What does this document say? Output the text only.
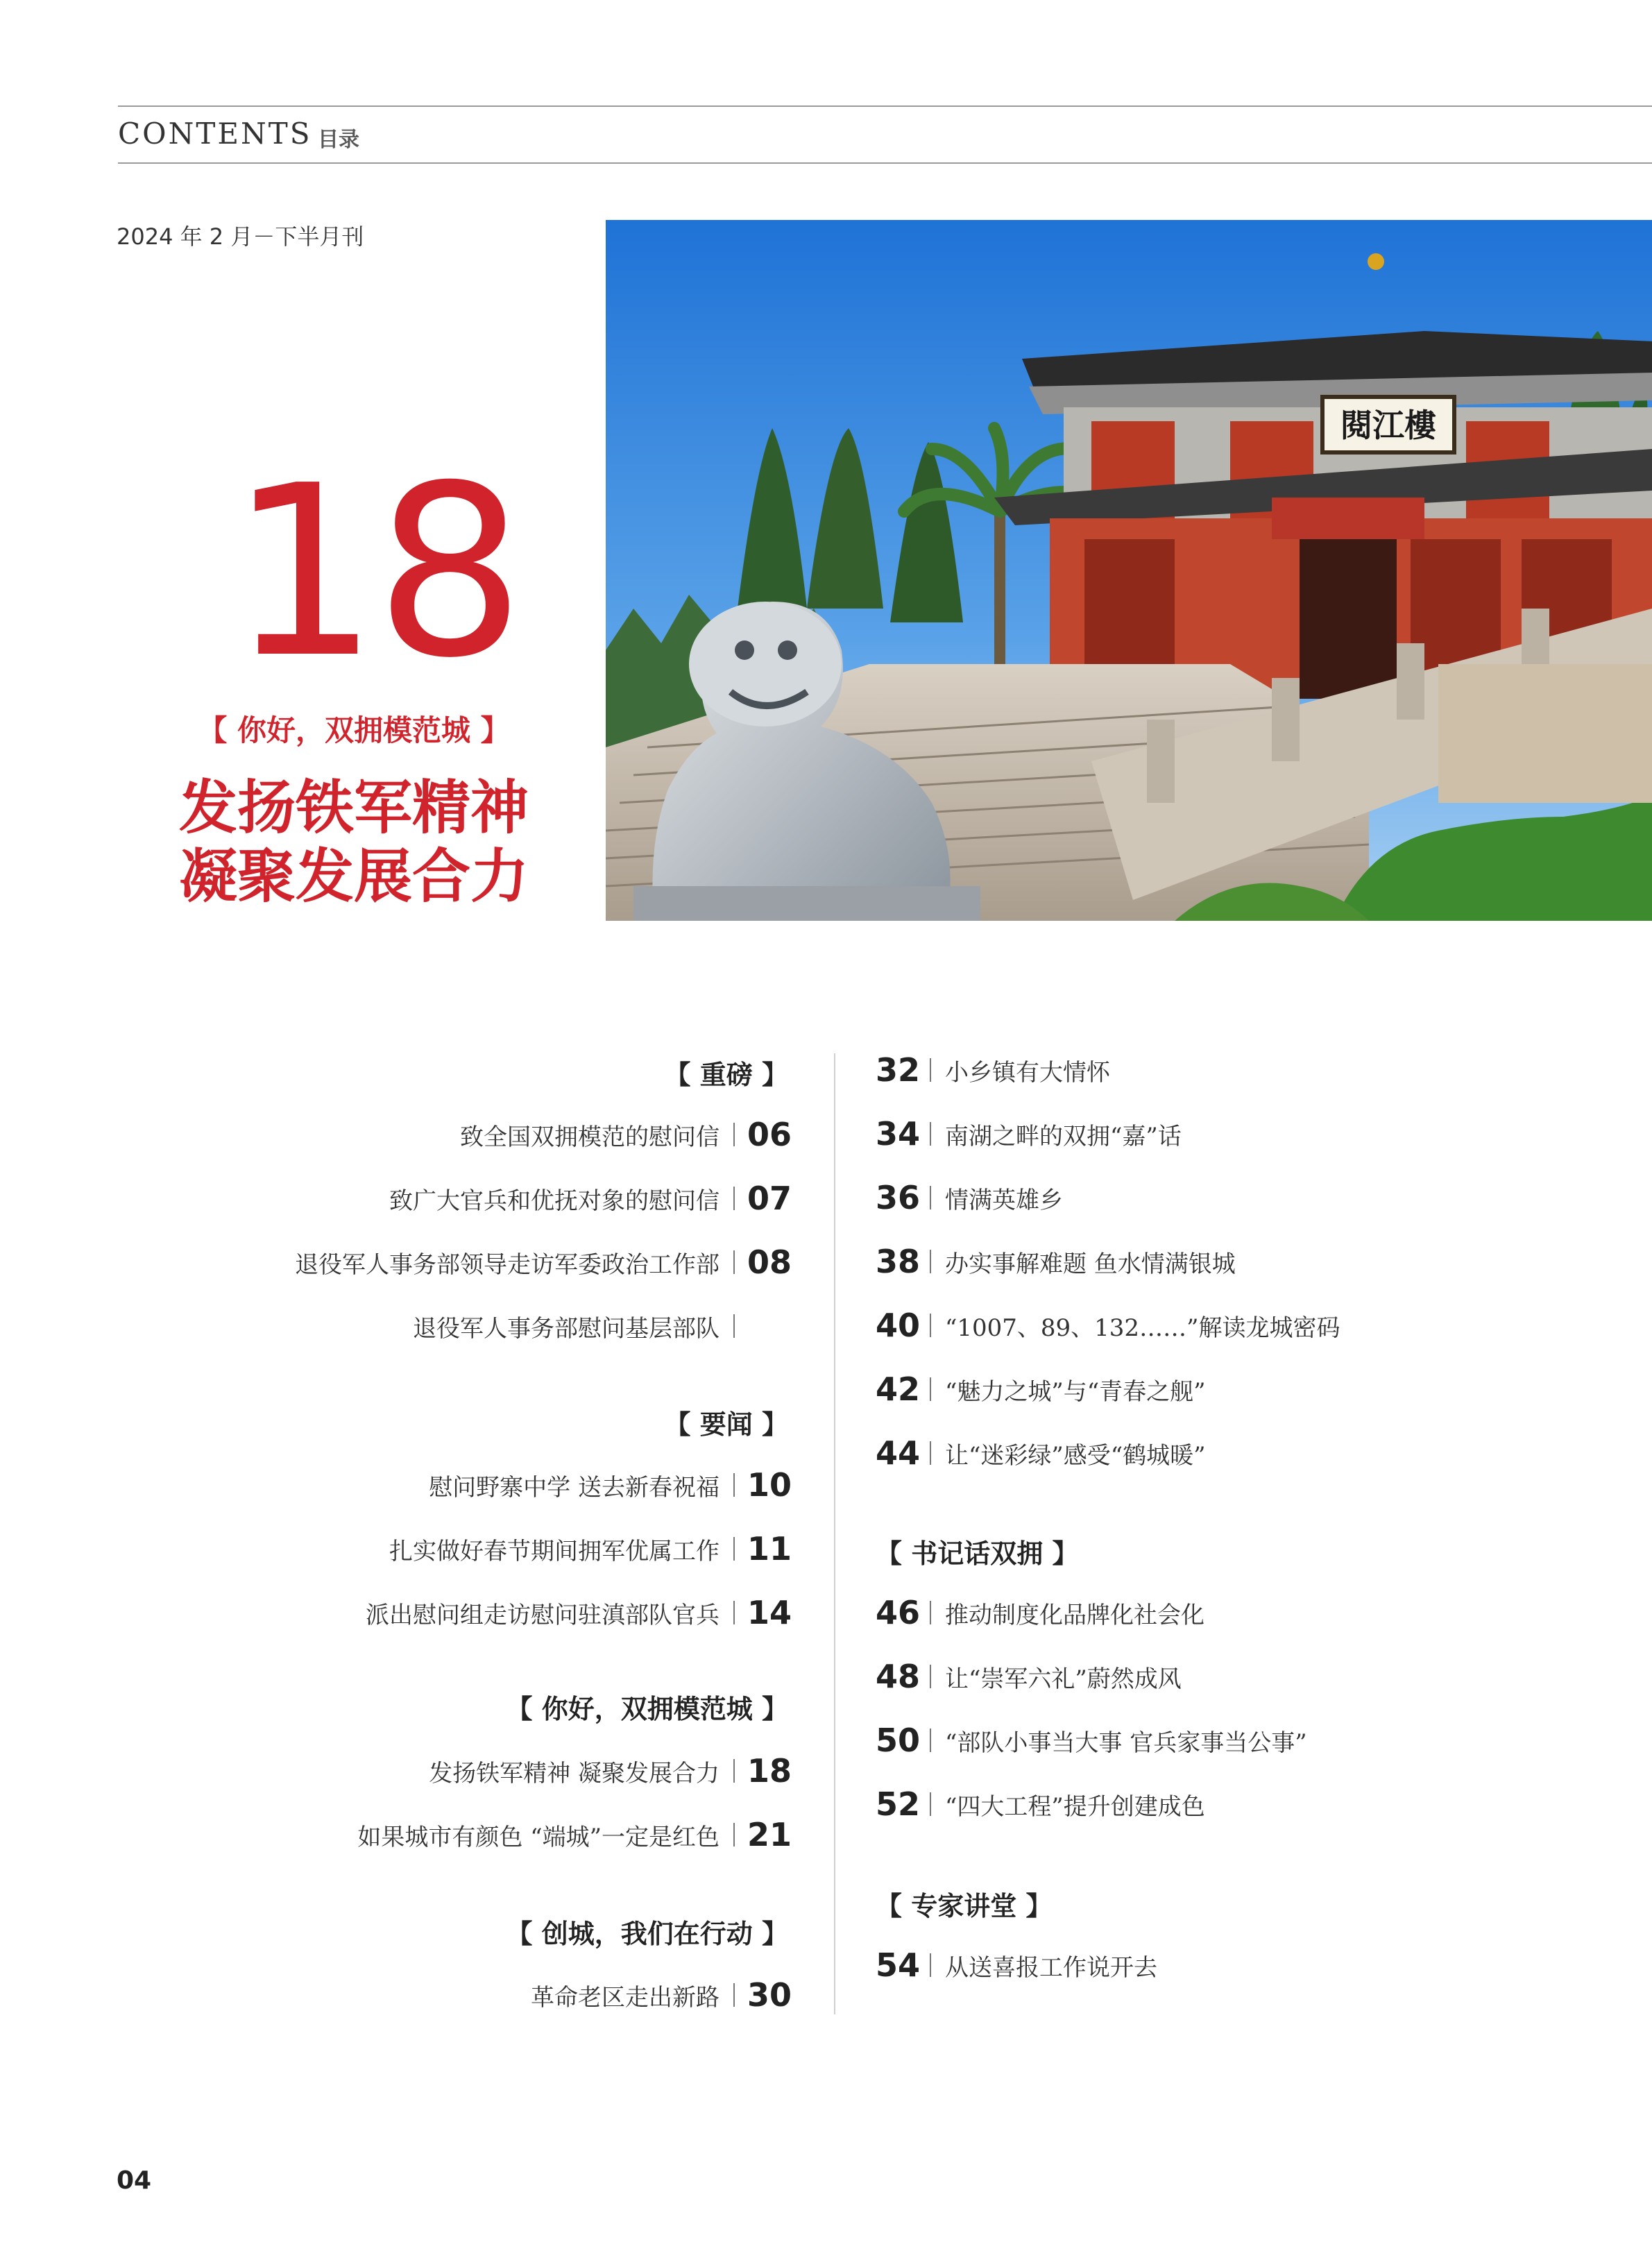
CONTENTS 目录
2024 年 2 月－下半月刊
18
【 你好，双拥模范城 】
发扬铁军精神
凝聚发展合力
閱江樓
【 重磅 】
致全国双拥模范的慰问信 06
致广大官兵和优抚对象的慰问信 07
退役军人事务部领导走访军委政治工作部 08
退役军人事务部慰问基层部队
【 要闻 】
慰问野寨中学 送去新春祝福 10
扎实做好春节期间拥军优属工作 11
派出慰问组走访慰问驻滇部队官兵 14
【 你好，双拥模范城 】
发扬铁军精神 凝聚发展合力 18
如果城市有颜色 “端城”一定是红色 21
【 创城，我们在行动 】
革命老区走出新路 30
32 小乡镇有大情怀
34 南湖之畔的双拥“嘉”话
36 情满英雄乡
38 办实事解难题 鱼水情满银城
40 “1007、89、132……”解读龙城密码
42 “魅力之城”与“青春之舰”
44 让“迷彩绿”感受“鹤城暖”
【 书记话双拥 】
46 推动制度化品牌化社会化
48 让“崇军六礼”蔚然成风
50 “部队小事当大事 官兵家事当公事”
52 “四大工程”提升创建成色
【 专家讲堂 】
54 从送喜报工作说开去
04
